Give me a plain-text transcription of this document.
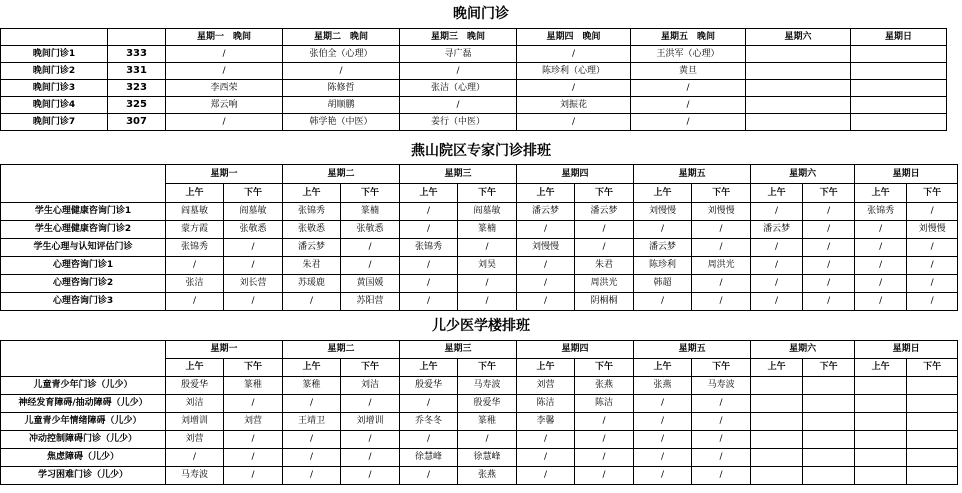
晚间门诊
		星期一　晚间	星期二　晚间	星期三　晚间	星期四　晚间	星期五　晚间	星期六	星期日
晚间门诊1	333	/	张伯全（心理）	寻广磊	/	王洪军（心理）		
晚间门诊2	331	/	/	/	陈珍利（心理）	黄旦		
晚间门诊3	323	李西荣	陈修哲	张洁（心理）	/	/		
晚间门诊4	325	郑云响	胡顺鹏	/	刘振花	/		
晚间门诊7	307	/	韩学艳（中医）	姜行（中医）	/	/		
燕山院区专家门诊排班
	星期一		星期二		星期三		星期四		星期五		星期六		星期日	
	上午	下午	上午	下午	上午	下午	上午	下午	上午	下午	上午	下午	上午	下午
学生心理健康咨询门诊1	阎墓敏	阎墓敏	张锦秀	篆楠	/	阎墓敏	潘云梦	潘云梦	刘慢慢	刘慢慢	/	/	张锦秀	/
学生心理健康咨询门诊2	蒙方霞	张敬悉	张敬悉	张敬悉	/	篆楠	/	/	/	/	潘云梦	/	/	刘慢慢
学生心理与认知评估门诊	张锦秀	/	潘云梦	/	张锦秀	/	刘慢慢	/	潘云梦	/	/	/	/	/
心理咨询门诊1	/	/	朱君	/	/	刘昊	/	朱君	陈珍利	周洪光	/	/	/	/
心理咨询门诊2	张洁	刘长营	苏瑗鹿	黄国媛	/	/	/	周洪光	韩超	/	/	/	/	/
心理咨询门诊3	/	/	/	苏阳营	/	/	/	阴桐桐	/	/	/	/	/	/
儿少医学楼排班
	星期一		星期二		星期三		星期四		星期五		星期六		星期日	
	上午	下午	上午	下午	上午	下午	上午	下午	上午	下午	上午	下午	上午	下午
儿童青少年门诊（儿少）	殷爱华	篆稚	篆稚	刘洁	殷爱华	马寿波	刘营	张燕	张燕	马寿波				
神经发育障碍/抽动障碍（儿少）	刘洁	/	/	/	/	殷爱华	陈洁	陈洁	/	/				
儿童青少年情绪障碍（儿少）	刘增训	刘营	王靖卫	刘增训	乔冬冬	篆稚	李馨	/	/	/				
冲动控制障碍门诊（儿少）	刘营	/	/	/	/	/	/	/	/	/				
焦虑障碍（儿少）	/	/	/	/	徐慧峰	徐慧峰	/	/	/	/				
学习困难门诊（儿少）	马寿波	/	/	/	/	张燕	/	/	/	/				
